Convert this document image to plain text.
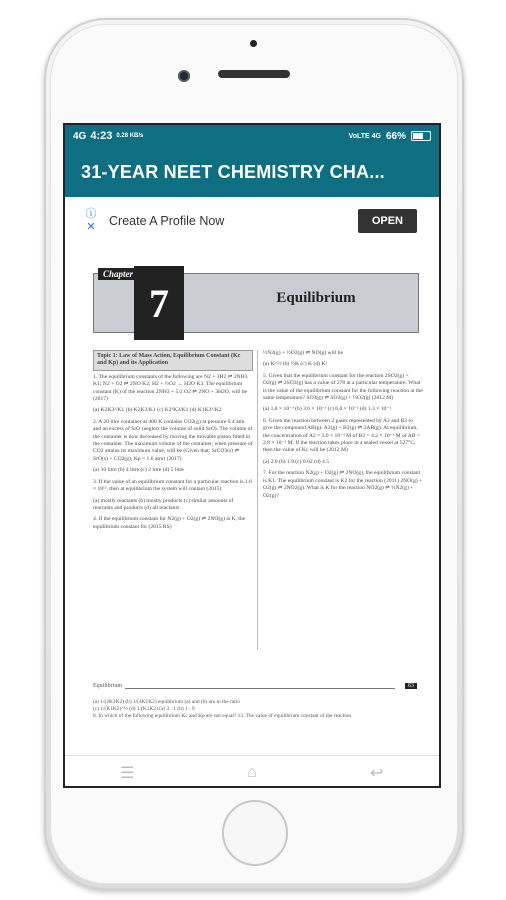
4G 4:23 0.28 KB/s	VoLTE 4G 66%
31-YEAR NEET CHEMISTRY CHA...
ⓘ
✕ Create A Profile Now	OPEN
7
Chapter
Equilibrium
Topic 1: Law of Mass Action, Equilibrium Constant (Kc and Kp) and its Application
1. The equilibrium constants of the following are N2 + 3H2 ⇌ 2NH3 K1; N2 + O2 ⇌ 2NO K2; H2 + ½O2 → H2O K3. The equilibrium constant (K) of the reaction 2NH3 + 5/2 O2 ⇌ 2NO + 3H2O, will be (2017)
(a) K2K3³/K1 (b) K2K3/K1 (c) K2³K3/K1 (d) K1K3³/K2
2. A 20 litre container at 400 K contains CO2(g) at pressure 0.4 atm and an excess of SrO (neglect the volume of solid SrO). The volume of the container is now decreased by moving the movable piston fitted in the container. The maximum volume of the container, when pressure of CO2 attains its maximum value, will be (Given that: SrCO3(s) ⇌ SrO(s) + CO2(g), Kp = 1.6 atm) (2017)
(a) 10 litre (b) 4 litre (c) 2 litre (d) 5 litre
3. If the value of an equilibrium constant for a particular reaction is 1.6 × 10¹², then at equilibrium the system will contain (2015)
(a) mostly reactants (b) mostly products (c) similar amounts of reactants and products (d) all reactants
4. If the equilibrium constant for N2(g) + O2(g) ⇌ 2NO(g) is K, the equilibrium constant for (2015 RS)
½N2(g) + ½O2(g) ⇌ NO(g) will be
(a) K^½ (b) ½K (c) K (d) K²
5. Given that the equilibrium constant for the reaction 2SO2(g) + O2(g) ⇌ 2SO3(g) has a value of 278 at a particular temperature. What is the value of the equilibrium constant for the following reaction at the same temperature? SO3(g) ⇌ SO2(g) + ½O2(g) (2012 M)
(a) 1.8 × 10⁻³ (b) 3.6 × 10⁻³ (c) 6.0 × 10⁻² (d) 1.3 × 10⁻⁵
6. Given the reaction between 2 gases represented by A2 and B2 to give the compound AB(g). A2(g) + B2(g) ⇌ 2AB(g). At equilibrium, the concentration of A2 = 3.0 × 10⁻³ M of B2 = 4.2 × 10⁻³ M of AB = 2.8 × 10⁻³ M. If the reaction takes place in a sealed vessel at 527°C, then the value of Kc will be (2012 M)
(a) 2.0 (b) 1.9 (c) 0.62 (d) 4.5
7. For the reaction N2(g) + O2(g) ⇌ 2NO(g), the equilibrium constant is K1. The equilibrium constant is K2 for the reaction (2011) 2NO(g) + O2(g) ⇌ 2NO2(g). What is K for the reaction NO2(g) ⇌ ½N2(g) + O2(g)?
Equilibrium	63
(a) 1/(2K1K2) (b) 1/(4K1K2) equilibrium (a) and (b) are in the ratio
(c) 1/(K1K2)^½ (d) 1/(K1K2) (a) 3 : 1 (b) 1 : 9
8. In which of the following equilibrium Kc and Kp are not equal? 13. The value of equilibrium constant of the reaction
☰	⌂	↩
